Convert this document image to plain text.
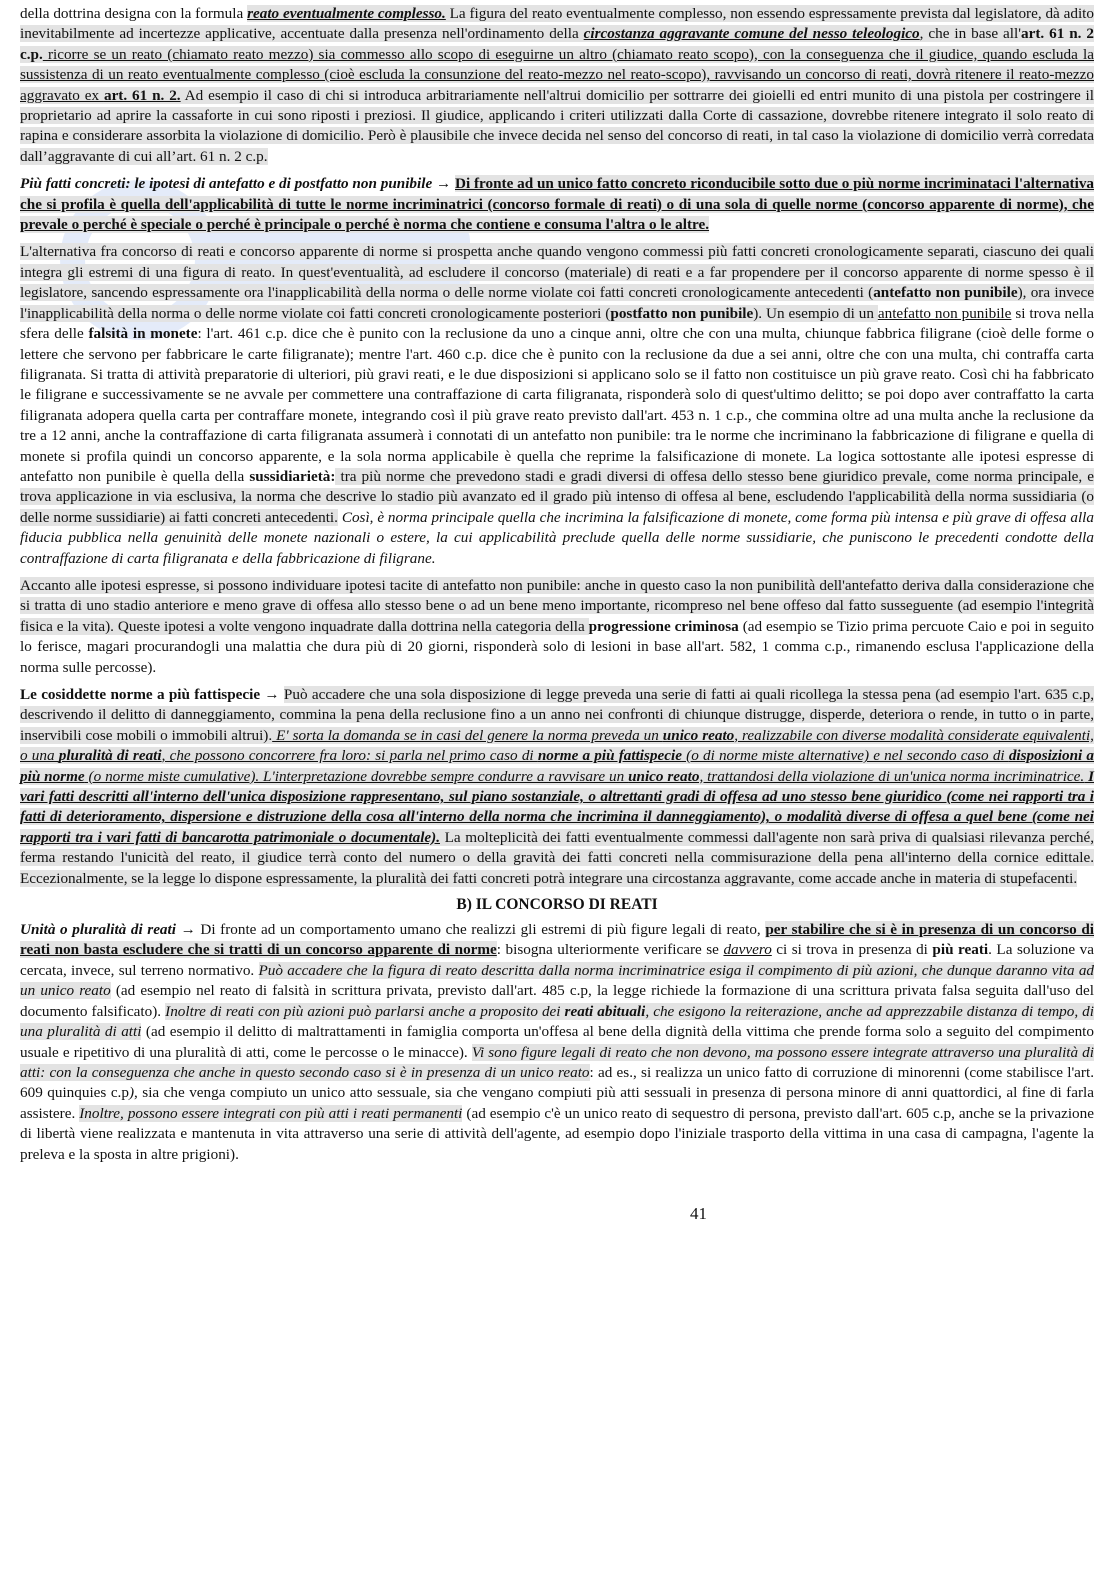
della dottrina designa con la formula reato eventualmente complesso. La figura del reato eventualmente complesso, non essendo espressamente prevista dal legislatore, dà adito inevitabilmente ad incertezze applicative, accentuate dalla presenza nell'ordinamento della circostanza aggravante comune del nesso teleologico, che in base all'art. 61 n. 2 c.p. ricorre se un reato (chiamato reato mezzo) sia commesso allo scopo di eseguirne un altro (chiamato reato scopo), con la conseguenza che il giudice, quando escluda la sussistenza di un reato eventualmente complesso (cioè escluda la consunzione del reato-mezzo nel reato-scopo), ravvisando un concorso di reati, dovrà ritenere il reato-mezzo aggravato ex art. 61 n. 2. Ad esempio il caso di chi si introduca arbitrariamente nell'altrui domicilio per sottrarre dei gioielli ed entri munito di una pistola per costringere il proprietario ad aprire la cassaforte in cui sono riposti i preziosi. Il giudice, applicando i criteri utilizzati dalla Corte di cassazione, dovrebbe ritenere integrato il solo reato di rapina e considerare assorbita la violazione di domicilio. Però è plausibile che invece decida nel senso del concorso di reati, in tal caso la violazione di domicilio verrà corredata dall’aggravante di cui all’art. 61 n. 2 c.p.

Più fatti concreti: le ipotesi di antefatto e di postfatto non punibile → Di fronte ad un unico fatto concreto riconducibile sotto due o più norme incriminataci l'alternativa che si profila è quella dell'applicabilità di tutte le norme incriminatrici (concorso formale di reati) o di una sola di quelle norme (concorso apparente di norme), che prevale o perché è speciale o perché è principale o perché è norma che contiene e consuma l'altra o le altre.

L'alternativa fra concorso di reati e concorso apparente di norme si prospetta anche quando vengono commessi più fatti concreti cronologicamente separati, ciascuno dei quali integra gli estremi di una figura di reato. In quest'eventualità, ad escludere il concorso (materiale) di reati e a far propendere per il concorso apparente di norme spesso è il legislatore, sancendo espressamente ora l'inapplicabilità della norma o delle norme violate coi fatti concreti cronologicamente antecedenti (antefatto non punibile), ora invece l'inapplicabilità della norma o delle norme violate coi fatti concreti cronologicamente posteriori (postfatto non punibile). Un esempio di un antefatto non punibile si trova nella sfera delle falsità in monete: l'art. 461 c.p. dice che è punito con la reclusione da uno a cinque anni, oltre che con una multa, chiunque fabbrica filigrane (cioè delle forme o lettere che servono per fabbricare le carte filigranate); mentre l'art. 460 c.p. dice che è punito con la reclusione da due a sei anni, oltre che con una multa, chi contraffa carta filigranata. Si tratta di attività preparatorie di ulteriori, più gravi reati, e le due disposizioni si applicano solo se il fatto non costituisce un più grave reato. Così chi ha fabbricato le filigrane e successivamente se ne avvale per commettere una contraffazione di carta filigranata, risponderà solo di quest'ultimo delitto; se poi dopo aver contraffatto la carta filigranata adopera quella carta per contraffare monete, integrando così il più grave reato previsto dall'art. 453 n. 1 c.p., che commina oltre ad una multa anche la reclusione da tre a 12 anni, anche la contraffazione di carta filigranata assumerà i connotati di un antefatto non punibile: tra le norme che incriminano la fabbricazione di filigrane e quella di monete si profila quindi un concorso apparente, e la sola norma applicabile è quella che reprime la falsificazione di monete. La logica sottostante alle ipotesi espresse di antefatto non punibile è quella della sussidiarietà: tra più norme che prevedono stadi e gradi diversi di offesa dello stesso bene giuridico prevale, come norma principale, e trova applicazione in via esclusiva, la norma che descrive lo stadio più avanzato ed il grado più intenso di offesa al bene, escludendo l'applicabilità della norma sussidiaria (o delle norme sussidiarie) ai fatti concreti antecedenti. Così, è norma principale quella che incrimina la falsificazione di monete, come forma più intensa e più grave di offesa alla fiducia pubblica nella genuinità delle monete nazionali o estere, la cui applicabilità preclude quella delle norme sussidiarie, che puniscono le precedenti condotte della contraffazione di carta filigranata e della fabbricazione di filigrane.

Accanto alle ipotesi espresse, si possono individuare ipotesi tacite di antefatto non punibile: anche in questo caso la non punibilità dell'antefatto deriva dalla considerazione che si tratta di uno stadio anteriore e meno grave di offesa allo stesso bene o ad un bene meno importante, ricompreso nel bene offeso dal fatto susseguente (ad esempio l'integrità fisica e la vita). Queste ipotesi a volte vengono inquadrate dalla dottrina nella categoria della progressione criminosa (ad esempio se Tizio prima percuote Caio e poi in seguito lo ferisce, magari procurandogli una malattia che dura più di 20 giorni, risponderà solo di lesioni in base all'art. 582, 1 comma c.p., rimanendo esclusa l'applicazione della norma sulle percosse).

Le cosiddette norme a più fattispecie → Può accadere che una sola disposizione di legge preveda una serie di fatti ai quali ricollega la stessa pena (ad esempio l'art. 635 c.p, descrivendo il delitto di danneggiamento, commina la pena della reclusione fino a un anno nei confronti di chiunque distrugge, disperde, deteriora o rende, in tutto o in parte, inservibili cose mobili o immobili altrui). E' sorta la domanda se in casi del genere la norma preveda un unico reato, realizzabile con diverse modalità considerate equivalenti, o una pluralità di reati, che possono concorrere fra loro: si parla nel primo caso di norme a più fattispecie (o di norme miste alternative) e nel secondo caso di disposizioni a più norme (o norme miste cumulative). L'interpretazione dovrebbe sempre condurre a ravvisare un unico reato, trattandosi della violazione di un'unica norma incriminatrice. I vari fatti descritti all'interno dell'unica disposizione rappresentano, sul piano sostanziale, o altrettanti gradi di offesa ad uno stesso bene giuridico (come nei rapporti tra i fatti di deterioramento, dispersione e distruzione della cosa all'interno della norma che incrimina il danneggiamento), o modalità diverse di offesa a quel bene (come nei rapporti tra i vari fatti di bancarotta patrimoniale o documentale). La molteplicità dei fatti eventualmente commessi dall'agente non sarà priva di qualsiasi rilevanza perché, ferma restando l'unicità del reato, il giudice terrà conto del numero o della gravità dei fatti concreti nella commisurazione della pena all'interno della cornice edittale. Eccezionalmente, se la legge lo dispone espressamente, la pluralità dei fatti concreti potrà integrare una circostanza aggravante, come accade anche in materia di stupefacenti.

B) IL CONCORSO DI REATI

Unità o pluralità di reati → Di fronte ad un comportamento umano che realizzi gli estremi di più figure legali di reato, per stabilire che si è in presenza di un concorso di reati non basta escludere che si tratti di un concorso apparente di norme: bisogna ulteriormente verificare se davvero ci si trova in presenza di più reati. La soluzione va cercata, invece, sul terreno normativo. Può accadere che la figura di reato descritta dalla norma incriminatrice esiga il compimento di più azioni, che dunque daranno vita ad un unico reato (ad esempio nel reato di falsità in scrittura privata, previsto dall'art. 485 c.p, la legge richiede la formazione di una scrittura privata falsa seguita dall'uso del documento falsificato). Inoltre di reati con più azioni può parlarsi anche a proposito dei reati abituali, che esigono la reiterazione, anche ad apprezzabile distanza di tempo, di una pluralità di atti (ad esempio il delitto di maltrattamenti in famiglia comporta un'offesa al bene della dignità della vittima che prende forma solo a seguito del compimento usuale e ripetitivo di una pluralità di atti, come le percosse o le minacce). Vi sono figure legali di reato che non devono, ma possono essere integrate attraverso una pluralità di atti: con la conseguenza che anche in questo secondo caso si è in presenza di un unico reato: ad es., si realizza un unico fatto di corruzione di minorenni (come stabilisce l'art. 609 quinquies c.p), sia che venga compiuto un unico atto sessuale, sia che vengano compiuti più atti sessuali in presenza di persona minore di anni quattordici, al fine di farla assistere. Inoltre, possono essere integrati con più atti i reati permanenti (ad esempio c'è un unico reato di sequestro di persona, previsto dall'art. 605 c.p, anche se la privazione di libertà viene realizzata e mantenuta in vita attraverso una serie di attività dell'agente, ad esempio dopo l'iniziale trasporto della vittima in una casa di campagna, l'agente la preleva e la sposta in altre prigioni).

41
